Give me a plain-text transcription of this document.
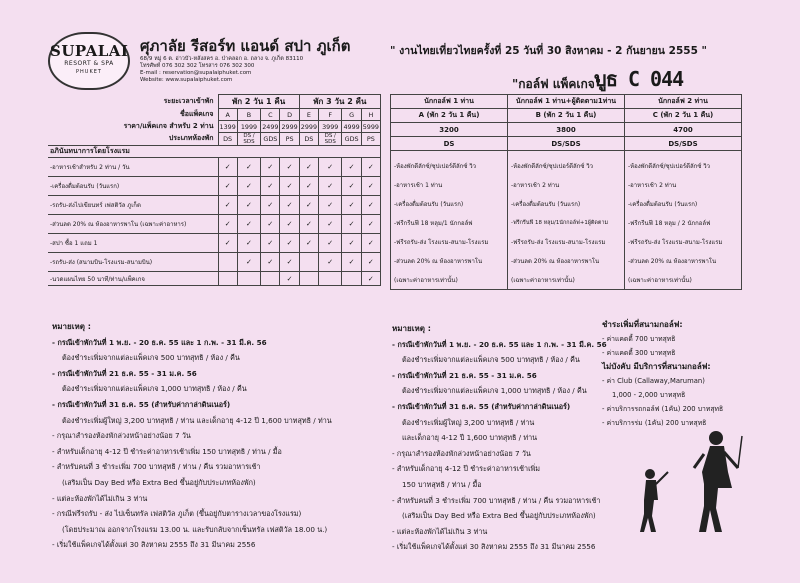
SUPALAI
RESORT & SPA
PHUKET
ศุภาลัย รีสอร์ท แอนด์ สปา ภูเก็ต
68/9 หมู่ 6 ต. อ่าวบัว-หลังสคร อ. ป่าคลอก อ. ถลาง จ. ภูเก็ต 83110
โทรศัพท์ 076 302 302 โทรสาร 076 302 300
E-mail : reservation@supalaiphuket.com
Website: www.supalaiphuket.com
" งานไทยเที่ยวไทยครั้งที่ 25 วันที่ 30 สิงหาคม - 2 กันยายน 2555 "
"กอล์ฟ แพ็คเกจ"
บูธ C 044
ระยะเวลาเข้าพัก	พัก 2 วัน 1 คืน				พัก 3 วัน 2 คืน			
ชื่อแพ็คเกจ	A	B	C	D	E	F	G	H
ราคา/แพ็คเกจ สำหรับ 2 ท่าน	1399	1999	2499	2999	2999	3999	4999	5999
ประเภทห้องพัก	DS	DS / SDS	GDS	PS	DS	DS / SDS	GDS	PS
อภินันทนาการโดยโรงแรม								
-อาหารเช้าสำหรับ 2 ท่าน / วัน	✓	✓	✓	✓	✓	✓	✓	✓
-เครื่องดื่มต้อนรับ (วันแรก)	✓	✓	✓	✓	✓	✓	✓	✓
-รถรับ-ส่งไปเขียนทร์ เฟสติวัล ภูเก็ต	✓	✓	✓	✓	✓	✓	✓	✓
-ส่วนลด 20% ณ ห้องอาหารพาโน (เฉพาะค่าอาหาร)	✓	✓	✓	✓	✓	✓	✓	✓
-สปา ซื้อ 1 แถม 1	✓	✓	✓	✓	✓	✓	✓	✓
-รถรับ-ส่ง (สนามบิน-โรงแรม-สนามบิน)		✓	✓	✓		✓	✓	✓
-นวดแผนไทย 50 นาที/ท่าน/แพ็คเกจ				✓				✓
นักกอล์ฟ 1 ท่าน	นักกอล์ฟ 1 ท่าน+ผู้ติดตาม1ท่าน	นักกอล์ฟ 2 ท่าน
A (พัก 2 วัน 1 คืน)	B (พัก 2 วัน 1 คืน)	C (พัก 2 วัน 1 คืน)
3200	3800	4700
DS	DS/SDS	DS/SDS

-ห้องพักดีลักซ์/ซุปเปอร์ดีลักซ์ วิว	-ห้องพักดีลักซ์/ซุปเปอร์ดีลักซ์ วิว	-ห้องพักดีลักซ์/ซุปเปอร์ดีลักซ์ วิว
-อาหารเช้า 1 ท่าน	-อาหารเช้า 2 ท่าน	-อาหารเช้า 2 ท่าน
-เครื่องดื่มต้อนรับ (วันแรก)	-เครื่องดื่มต้อนรับ (วันแรก)	-เครื่องดื่มต้อนรับ (วันแรก)
-ฟรีกรีนฟี 18 หลุม/1 นักกอล์ฟ	-ฟรีกรีนฟี 18 หลุม/1นักกอล์ฟ+1ผู้ติดตาม	-ฟรีกรีนฟี 18 หลุม / 2 นักกอล์ฟ
-ฟรีรถรับ-ส่ง โรงแรม-สนาม-โรงแรม	-ฟรีรถรับ-ส่ง โรงแรม-สนาม-โรงแรม	-ฟรีรถรับ-ส่ง โรงแรม-สนาม-โรงแรม
-ส่วนลด 20% ณ ห้องอาหารพาโน	-ส่วนลด 20% ณ ห้องอาหารพาโน	-ส่วนลด 20% ณ ห้องอาหารพาโน
(เฉพาะค่าอาหารเท่านั้น)	(เฉพาะค่าอาหารเท่านั้น)	(เฉพาะค่าอาหารเท่านั้น)
หมายเหตุ :
- กรณีเข้าพักวันที่ 1 พ.ย. - 20 ธ.ค. 55 และ 1 ก.พ. - 31 มี.ค. 56
ต้องชำระเพิ่มจากแต่ละแพ็คเกจ 500 บาทสุทธิ / ห้อง / คืน
- กรณีเข้าพักวันที่ 21 ธ.ค. 55 - 31 ม.ค. 56
ต้องชำระเพิ่มจากแต่ละแพ็คเกจ 1,000 บาทสุทธิ / ห้อง / คืน
- กรณีเข้าพักวันที่ 31 ธ.ค. 55 (สำหรับค่ากาล่าดินเนอร์)
ต้องชำระเพิ่มผู้ใหญ่ 3,200 บาทสุทธิ / ท่าน และเด็กอายุ 4-12 ปี 1,600 บาทสุทธิ / ท่าน
- กรุณาสำรองห้องพักล่วงหน้าอย่างน้อย 7 วัน
- สำหรับเด็กอายุ 4-12 ปี ชำระค่าอาหารเช้าเพิ่ม 150 บาทสุทธิ / ท่าน / มื้อ
- สำหรับคนที่ 3 ชำระเพิ่ม 700 บาทสุทธิ / ท่าน / คืน รวมอาหารเช้า
(เสริมเป็น Day Bed หรือ Extra Bed ขึ้นอยู่กับประเภทห้องพัก)
- แต่ละห้องพักได้ไม่เกิน 3 ท่าน
- กรณีฟรีรถรับ - ส่ง ไปเซ็นทรัล เฟสติวัล ภูเก็ต (ขึ้นอยู่กับตารางเวลาของโรงแรม)
(โดยประมาณ ออกจากโรงแรม 13.00 น. และรับกลับจากเซ็นทรัล เฟสติวัล 18.00 น.)
- เริ่มใช้แพ็คเกจได้ตั้งแต่ 30 สิงหาคม 2555 ถึง 31 มีนาคม 2556
หมายเหตุ :
- กรณีเข้าพักวันที่ 1 พ.ย. - 20 ธ.ค. 55 และ 1 ก.พ. - 31 มี.ค. 56
ต้องชำระเพิ่มจากแต่ละแพ็คเกจ 500 บาทสุทธิ / ห้อง / คืน
- กรณีเข้าพักวันที่ 21 ธ.ค. 55 - 31 ม.ค. 56
ต้องชำระเพิ่มจากแต่ละแพ็คเกจ 1,000 บาทสุทธิ / ห้อง / คืน
- กรณีเข้าพักวันที่ 31 ธ.ค. 55 (สำหรับค่ากาล่าดินเนอร์)
ต้องชำระเพิ่มผู้ใหญ่ 3,200 บาทสุทธิ / ท่าน
และเด็กอายุ 4-12 ปี 1,600 บาทสุทธิ / ท่าน
- กรุณาสำรองห้องพักล่วงหน้าอย่างน้อย 7 วัน
- สำหรับเด็กอายุ 4-12 ปี ชำระค่าอาหารเช้าเพิ่ม
150 บาทสุทธิ / ท่าน / มื้อ
- สำหรับคนที่ 3 ชำระเพิ่ม 700 บาทสุทธิ / ท่าน / คืน รวมอาหารเช้า
(เสริมเป็น Day Bed หรือ Extra Bed ขึ้นอยู่กับประเภทห้องพัก)
- แต่ละห้องพักได้ไม่เกิน 3 ท่าน
- เริ่มใช้แพ็คเกจได้ตั้งแต่ 30 สิงหาคม 2555 ถึง 31 มีนาคม 2556
ชำระเพิ่มที่สนามกอล์ฟ:
- ค่าแคดดี้ 700 บาทสุทธิ
- ค่าแคดดี้ 300 บาทสุทธิ
ไม่บังคับ มีบริการที่สนามกอล์ฟ:
- ค่า Club (Callaway,Maruman)
1,000 - 2,000 บาทสุทธิ
- ค่าบริการรถกอล์ฟ (1คัน) 200 บาทสุทธิ
- ค่าบริการร่ม (1คัน) 200 บาทสุทธิ
